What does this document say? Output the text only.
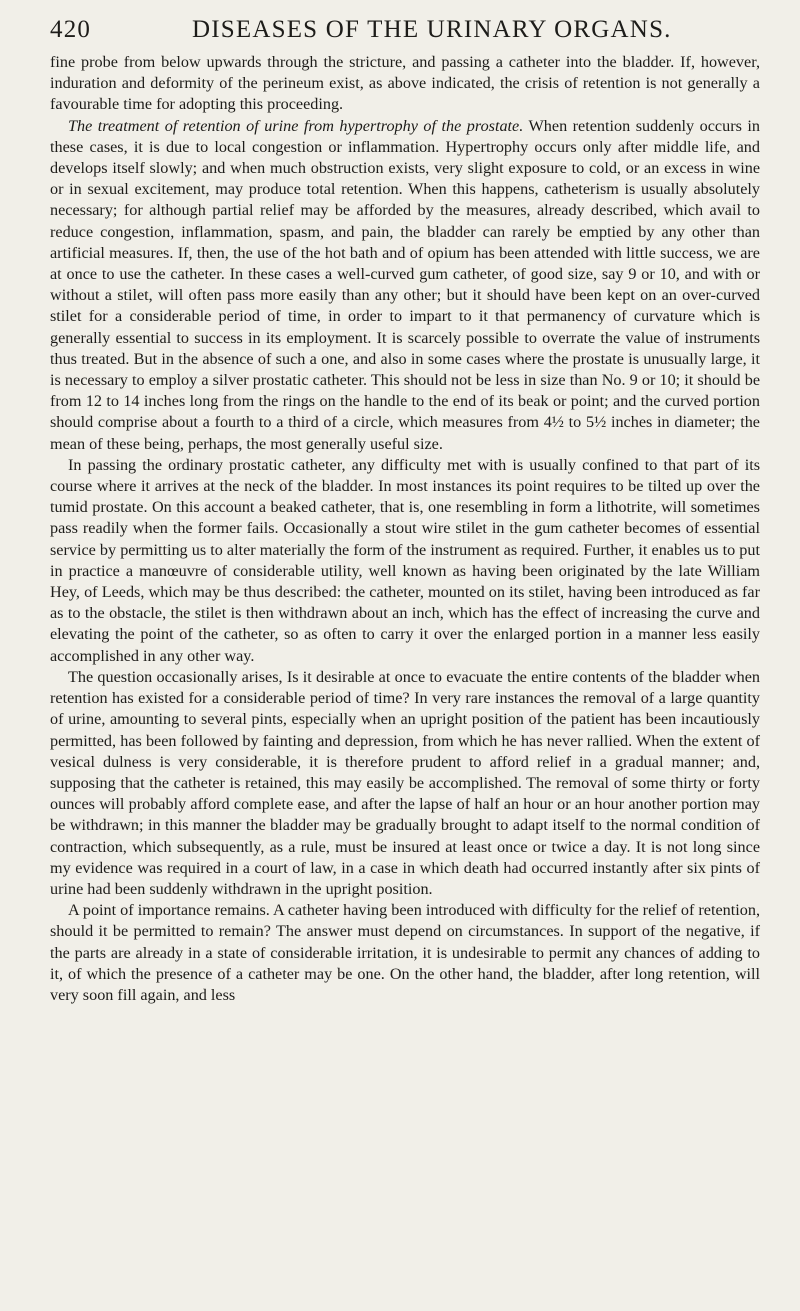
420	DISEASES OF THE URINARY ORGANS.

fine probe from below upwards through the stricture, and passing a catheter into the bladder. If, however, induration and deformity of the perineum exist, as above indicated, the crisis of retention is not generally a favourable time for adopting this proceeding.

The treatment of retention of urine from hypertrophy of the prostate. When retention suddenly occurs in these cases, it is due to local congestion or inflammation. Hypertrophy occurs only after middle life, and develops itself slowly; and when much obstruction exists, very slight exposure to cold, or an excess in wine or in sexual excitement, may produce total retention. When this happens, catheterism is usually absolutely necessary; for although partial relief may be afforded by the measures, already described, which avail to reduce congestion, inflammation, spasm, and pain, the bladder can rarely be emptied by any other than artificial measures. If, then, the use of the hot bath and of opium has been attended with little success, we are at once to use the catheter. In these cases a well-curved gum catheter, of good size, say 9 or 10, and with or without a stilet, will often pass more easily than any other; but it should have been kept on an over-curved stilet for a considerable period of time, in order to impart to it that permanency of curvature which is generally essential to success in its employment. It is scarcely possible to overrate the value of instruments thus treated. But in the absence of such a one, and also in some cases where the prostate is unusually large, it is necessary to employ a silver prostatic catheter. This should not be less in size than No. 9 or 10; it should be from 12 to 14 inches long from the rings on the handle to the end of its beak or point; and the curved portion should comprise about a fourth to a third of a circle, which measures from 4½ to 5½ inches in diameter; the mean of these being, perhaps, the most generally useful size.

In passing the ordinary prostatic catheter, any difficulty met with is usually confined to that part of its course where it arrives at the neck of the bladder. In most instances its point requires to be tilted up over the tumid prostate. On this account a beaked catheter, that is, one resembling in form a lithotrite, will sometimes pass readily when the former fails. Occasionally a stout wire stilet in the gum catheter becomes of essential service by permitting us to alter materially the form of the instrument as required. Further, it enables us to put in practice a manœuvre of considerable utility, well known as having been originated by the late William Hey, of Leeds, which may be thus described: the catheter, mounted on its stilet, having been introduced as far as to the obstacle, the stilet is then withdrawn about an inch, which has the effect of increasing the curve and elevating the point of the catheter, so as often to carry it over the enlarged portion in a manner less easily accomplished in any other way.

The question occasionally arises, Is it desirable at once to evacuate the entire contents of the bladder when retention has existed for a considerable period of time? In very rare instances the removal of a large quantity of urine, amounting to several pints, especially when an upright position of the patient has been incautiously permitted, has been followed by fainting and depression, from which he has never rallied. When the extent of vesical dulness is very considerable, it is therefore prudent to afford relief in a gradual manner; and, supposing that the catheter is retained, this may easily be accomplished. The removal of some thirty or forty ounces will probably afford complete ease, and after the lapse of half an hour or an hour another portion may be withdrawn; in this manner the bladder may be gradually brought to adapt itself to the normal condition of contraction, which subsequently, as a rule, must be insured at least once or twice a day. It is not long since my evidence was required in a court of law, in a case in which death had occurred instantly after six pints of urine had been suddenly withdrawn in the upright position.

A point of importance remains. A catheter having been introduced with difficulty for the relief of retention, should it be permitted to remain? The answer must depend on circumstances. In support of the negative, if the parts are already in a state of considerable irritation, it is undesirable to permit any chances of adding to it, of which the presence of a catheter may be one. On the other hand, the bladder, after long retention, will very soon fill again, and less
